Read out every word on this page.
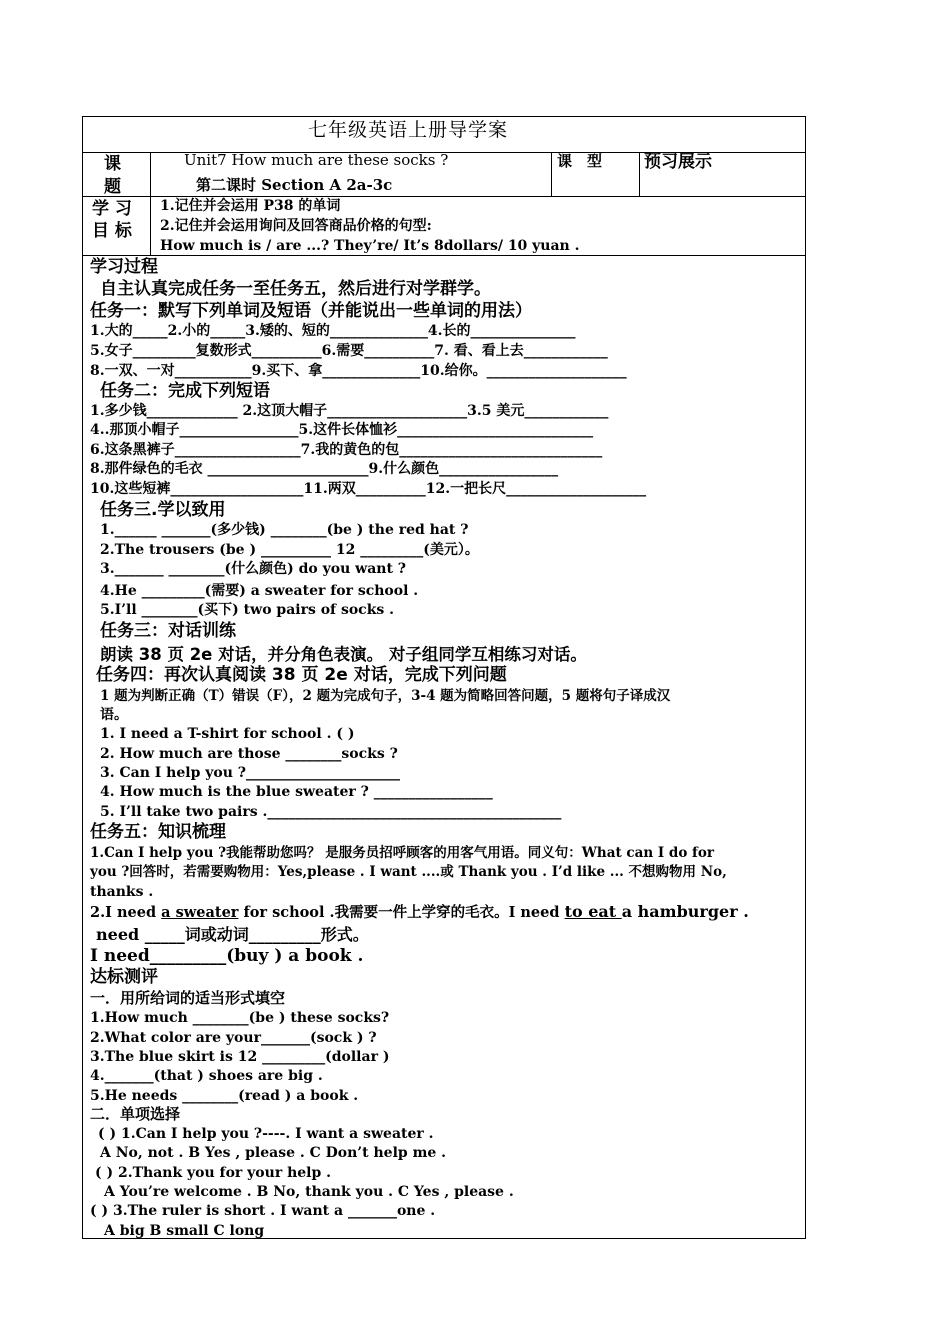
七年级英语上册导学案
课
题
Unit7 How much are these socks ?
第二课时 Section A 2a-3c
课　型 预习展示
学 习
目 标
1.记住并会运用 P38 的单词
2.记住并会运用询问及回答商品价格的句型:
How much is / are ...? They’re/ It’s 8dollars/ 10 yuan .
学习过程
自主认真完成任务一至任务五，然后进行对学群学。
任务一：默写下列单词及短语（并能说出一些单词的用法）
1.大的_____2.小的_____3.矮的、短的______________4.长的_______________
5.女子_________复数形式__________6.需要__________7. 看、看上去____________
8.一双、一对___________9.买下、拿______________10.给你。____________________
任务二：完成下列短语
1.多少钱_____________ 2.这顶大帽子____________________3.5 美元____________
4..那顶小帽子_________________5.这件长体恤衫____________________________
6.这条黑裤子__________________7.我的黄色的包_____________________________
8.那件绿色的毛衣 _______________________9.什么颜色_________________
10.这些短裤___________________11.两双__________12.一把长尺____________________
任务三.学以致用
1.______ _______(多少钱) ________(be ) the red hat ?
2.The trousers (be ) __________ 12 _________(美元）。
3._______ ________(什么颜色) do you want ?
4.He _________(需要) a sweater for school .
5.I’ll ________(买下) two pairs of socks .
任务三：对话训练
朗读 38 页 2e 对话，并分角色表演。 对子组同学互相练习对话。
任务四：再次认真阅读 38 页 2e 对话，完成下列问题
1 题为判断正确（T）错误（F），2 题为完成句子，3-4 题为简略回答问题，5 题将句子译成汉
语。
1. I need a T-shirt for school . ( )
2. How much are those ________socks ?
3. Can I help you ?______________________
4. How much is the blue sweater ? _________________
5. I’ll take two pairs .__________________________________________
任务五：知识梳理
1.Can I help you ?我能帮助您吗？ 是服务员招呼顾客的用客气用语。同义句：What can I do for
you ?回答时，若需要购物用：Yes,please . I want ....或 Thank you . I’d like ... 不想购物用 No,
thanks .
2.I need a sweater for school .我需要一件上学穿的毛衣。I need to eat a hamburger .
need _____词或动词_________形式。
I need_________(buy ) a book .
达标测评
一．用所给词的适当形式填空
1.How much ________(be ) these socks?
2.What color are your_______(sock ) ?
3.The blue skirt is 12 _________(dollar )
4._______(that ) shoes are big .
5.He needs ________(read ) a book .
二．单项选择
( ) 1.Can I help you ?----. I want a sweater .
A No, not . B Yes , please . C Don’t help me .
( ) 2.Thank you for your help .
A You’re welcome . B No, thank you . C Yes , please .
( ) 3.The ruler is short . I want a _______one .
A big B small C long
